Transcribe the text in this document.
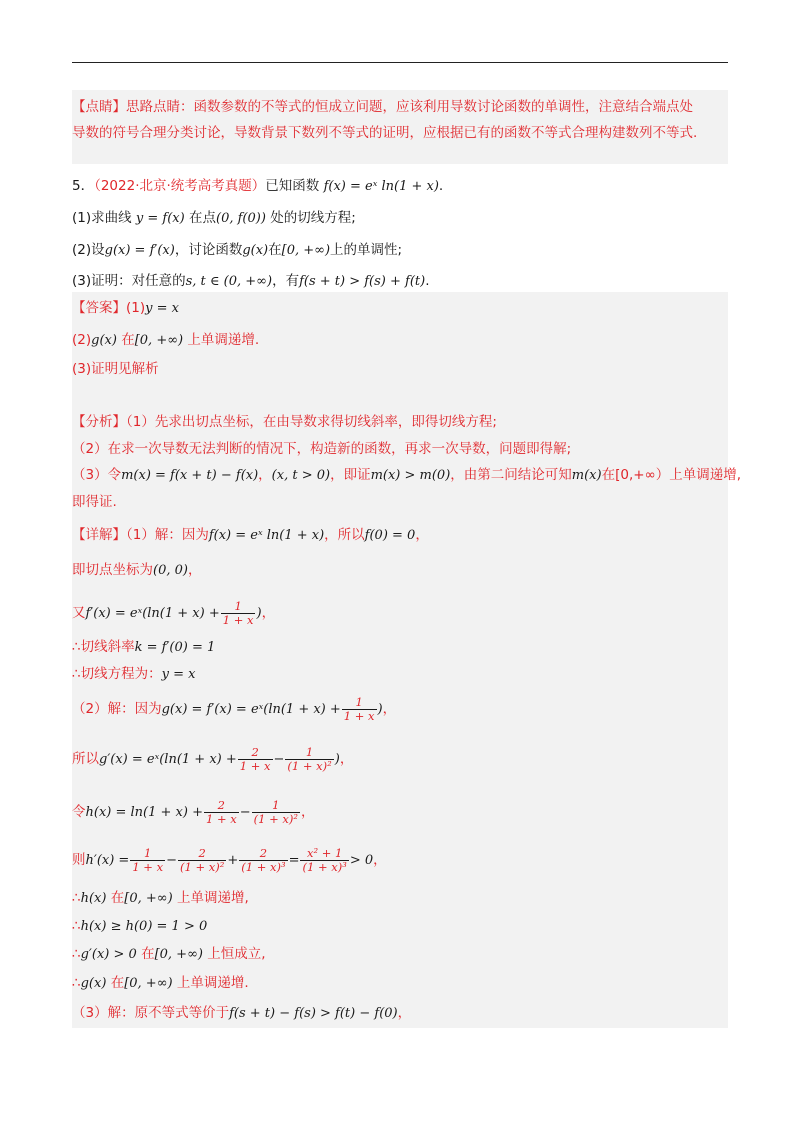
【点睛】思路点睛：函数参数的不等式的恒成立问题，应该利用导数讨论函数的单调性，注意结合端点处
导数的符号合理分类讨论，导数背景下数列不等式的证明，应根据已有的函数不等式合理构建数列不等式.
5．（2022·北京·统考高考真题）已知函数 f(x) = eˣ ln(1 + x).
(1)求曲线 y = f(x) 在点(0, f(0)) 处的切线方程;
(2)设g(x) = f′(x)，讨论函数g(x)在[0, +∞)上的单调性;
(3)证明：对任意的s, t ∈ (0, +∞)，有f(s + t) > f(s) + f(t).
【答案】(1)y = x
(2)g(x) 在[0, +∞) 上单调递增.
(3)证明见解析
【分析】（1）先求出切点坐标，在由导数求得切线斜率，即得切线方程;
（2）在求一次导数无法判断的情况下，构造新的函数，再求一次导数，问题即得解;
（3）令m(x) = f(x + t) − f(x)，(x, t > 0)，即证m(x) > m(0)，由第二问结论可知m(x)在[0,+∞）上单调递增,
即得证.
【详解】（1）解：因为f(x) = eˣ ln(1 + x)，所以f(0) = 0，
即切点坐标为(0, 0)，
又f′(x) = eˣ(ln(1 + $x) + \frac{1}{1 + x}$ )，
∴切线斜率k = f′(0) = 1
∴切线方程为：y = x
（2）解：因为g(x) = f′(x) = eˣ(ln(1 + $x) + \frac{1}{1 + x}$ )，
所以g′(x) = eˣ(ln(1 + $x) + \frac{2}{1 + x} - \frac{1}{\text{(1 + x)²}}$ )，
令$h(x) = \ln(1 + x) + \frac{2}{1 + x} - \frac{1}{\text{(1 + x)²}}$ ，
则$h'(x) = \frac{1}{1 + x} - \frac{2}{\text{(1 + x)²}} + \frac{2}{\text{(1 + x)³}} = \frac{\text{x² + 1}}{\text{(1 + x)³}} > 0$，
∴h(x) 在[0, +∞) 上单调递增,
∴h(x) ≥ h(0) = 1 > 0
∴g′(x) > 0 在[0, +∞) 上恒成立,
∴g(x) 在[0, +∞) 上单调递增.
（3）解：原不等式等价于f(s + t) − f(s) > f(t) − f(0)，
